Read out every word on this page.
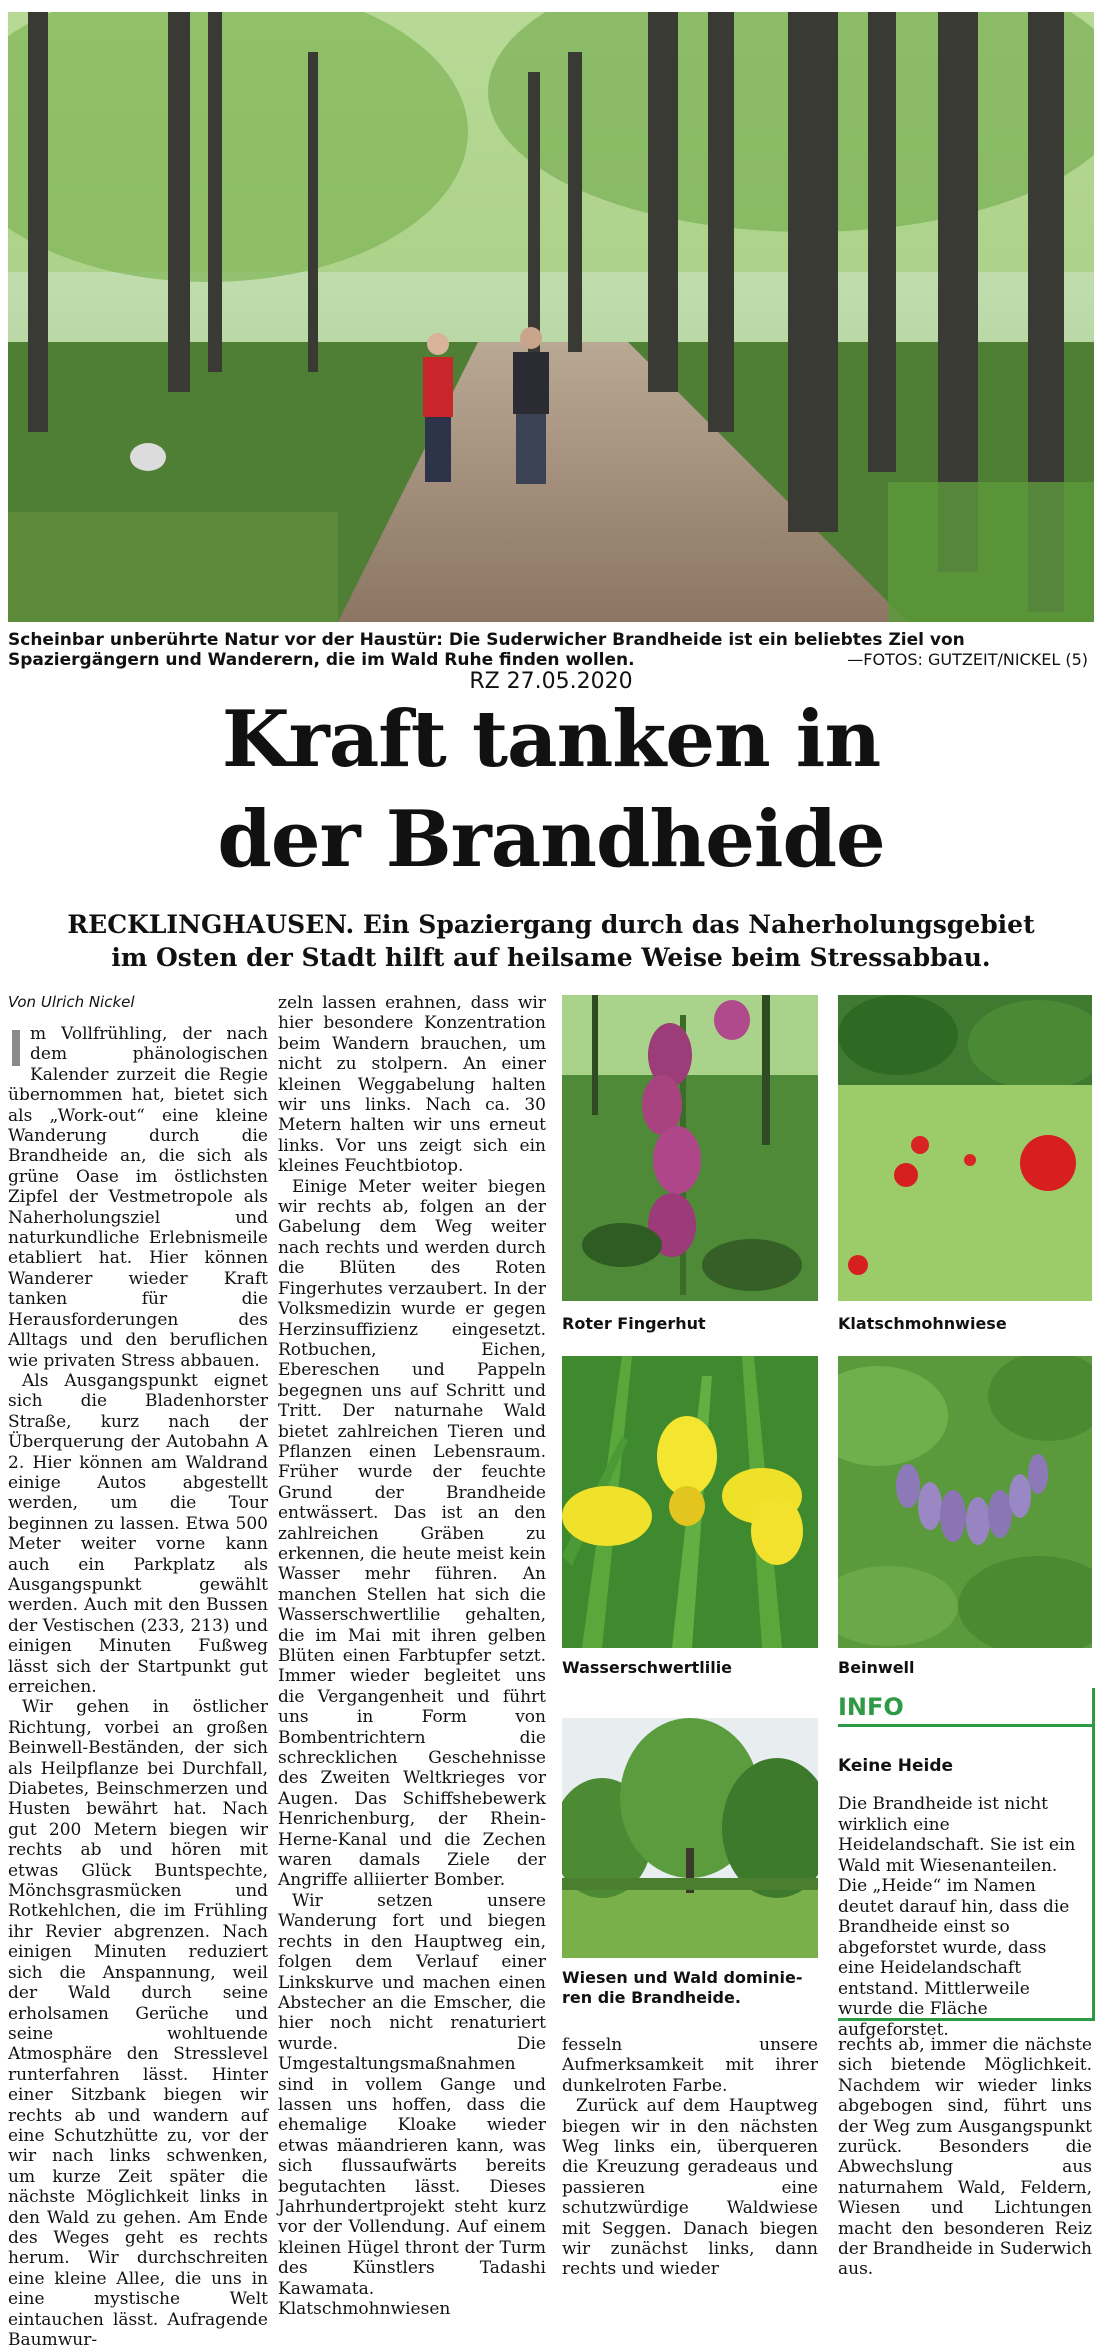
Scheinbar unberührte Natur vor der Haustür: Die Suderwicher Brandheide ist ein beliebtes Ziel von Spaziergängern und Wanderern, die im Wald Ruhe finden wollen.	—FOTOS: GUTZEIT/NICKEL (5)
RZ 27.05.2020
Kraft tanken in
der Brandheide
RECKLINGHAUSEN. Ein Spaziergang durch das Naherholungsgebiet
im Osten der Stadt hilft auf heilsame Weise beim Stressabbau.
Von Ulrich Nickel

m Vollfrühling, der nach dem phänologischen Kalender zurzeit die Regie übernommen hat, bietet sich als „Work-out“ eine kleine Wanderung durch die Brandheide an, die sich als grüne Oase im östlichsten Zipfel der Vestmetropole als Naherholungsziel und naturkundliche Erlebnismeile etabliert hat. Hier können Wanderer wieder Kraft tanken für die Herausforderungen des Alltags und den beruflichen wie privaten Stress abbauen.

Als Ausgangspunkt eignet sich die Bladenhorster Straße, kurz nach der Überquerung der Autobahn A 2. Hier können am Waldrand einige Autos abgestellt werden, um die Tour beginnen zu lassen. Etwa 500 Meter weiter vorne kann auch ein Parkplatz als Ausgangspunkt gewählt werden. Auch mit den Bussen der Vestischen (233, 213) und einigen Minuten Fußweg lässt sich der Startpunkt gut erreichen.

Wir gehen in östlicher Richtung, vorbei an großen Beinwell-Beständen, der sich als Heilpflanze bei Durchfall, Diabetes, Beinschmerzen und Husten bewährt hat. Nach gut 200 Metern biegen wir rechts ab und hören mit etwas Glück Buntspechte, Mönchsgrasmücken und Rotkehlchen, die im Frühling ihr Revier abgrenzen. Nach einigen Minuten reduziert sich die Anspannung, weil der Wald durch seine erholsamen Gerüche und seine wohltuende Atmosphäre den Stresslevel runterfahren lässt. Hinter einer Sitzbank biegen wir rechts ab und wandern auf eine Schutzhütte zu, vor der wir nach links schwenken, um kurze Zeit später die nächste Möglichkeit links in den Wald zu gehen. Am Ende des Weges geht es rechts herum. Wir durchschreiten eine kleine Allee, die uns in eine mystische Welt eintauchen lässt. Aufragende Baumwur-

zeln lassen erahnen, dass wir hier besondere Konzentration beim Wandern brauchen, um nicht zu stolpern. An einer kleinen Weggabelung halten wir uns links. Nach ca. 30 Metern halten wir uns erneut links. Vor uns zeigt sich ein kleines Feuchtbiotop.

Einige Meter weiter biegen wir rechts ab, folgen an der Gabelung dem Weg weiter nach rechts und werden durch die Blüten des Roten Fingerhutes verzaubert. In der Volksmedizin wurde er gegen Herzinsuffizienz eingesetzt. Rotbuchen, Eichen, Ebereschen und Pappeln begegnen uns auf Schritt und Tritt. Der naturnahe Wald bietet zahlreichen Tieren und Pflanzen einen Lebensraum. Früher wurde der feuchte Grund der Brandheide entwässert. Das ist an den zahlreichen Gräben zu erkennen, die heute meist kein Wasser mehr führen. An manchen Stellen hat sich die Wasserschwertlilie gehalten, die im Mai mit ihren gelben Blüten einen Farbtupfer setzt. Immer wieder begleitet uns die Vergangenheit und führt uns in Form von Bombentrichtern die schrecklichen Geschehnisse des Zweiten Weltkrieges vor Augen. Das Schiffshebewerk Henrichenburg, der Rhein-Herne-Kanal und die Zechen waren damals Ziele der Angriffe alliierter Bomber.

Wir setzen unsere Wanderung fort und biegen rechts in den Hauptweg ein, folgen dem Verlauf einer Linkskurve und machen einen Abstecher an die Emscher, die hier noch nicht renaturiert wurde. Die Umgestaltungsmaßnahmen sind in vollem Gange und lassen uns hoffen, dass die ehemalige Kloake wieder etwas mäandrieren kann, was sich flussaufwärts bereits begutachten lässt. Dieses Jahrhundertprojekt steht kurz vor der Vollendung. Auf einem kleinen Hügel thront der Turm des Künstlers Tadashi Kawamata. Klatschmohnwiesen

Roter Fingerhut	Klatschmohnwiese
Wasserschwertlilie	Beinwell
Wiesen und Wald dominie-
ren die Brandheide.

fesseln unsere Aufmerksamkeit mit ihrer dunkelroten Farbe.

Zurück auf dem Hauptweg biegen wir in den nächsten Weg links ein, überqueren die Kreuzung geradeaus und passieren eine schutzwürdige Waldwiese mit Seggen. Danach biegen wir zunächst links, dann rechts und wieder

INFO
Keine Heide
Die Brandheide ist nicht wirklich eine Heidelandschaft. Sie ist ein Wald mit Wiesenanteilen. Die „Heide“ im Namen deutet darauf hin, dass die Brandheide einst so abgeforstet wurde, dass eine Heidelandschaft entstand. Mittlerweile wurde die Fläche aufgeforstet.

rechts ab, immer die nächste sich bietende Möglichkeit. Nachdem wir wieder links abgebogen sind, führt uns der Weg zum Ausgangspunkt zurück. Besonders die Abwechslung aus naturnahem Wald, Feldern, Wiesen und Lichtungen macht den besonderen Reiz der Brandheide in Suderwich aus.
